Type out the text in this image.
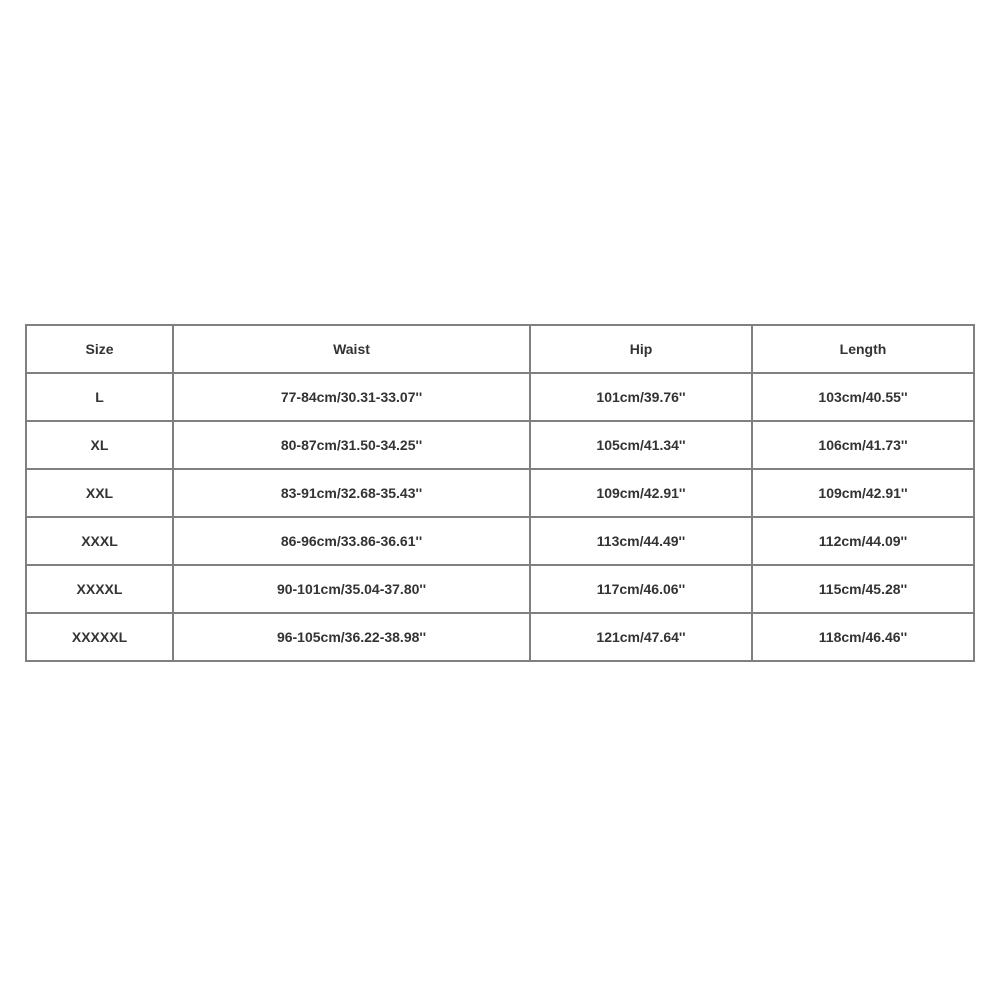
Size	Waist	Hip	Length
L	77-84cm/30.31-33.07''	101cm/39.76''	103cm/40.55''
XL	80-87cm/31.50-34.25''	105cm/41.34''	106cm/41.73''
XXL	83-91cm/32.68-35.43''	109cm/42.91''	109cm/42.91''
XXXL	86-96cm/33.86-36.61''	113cm/44.49''	112cm/44.09''
XXXXL	90-101cm/35.04-37.80''	117cm/46.06''	115cm/45.28''
XXXXXL	96-105cm/36.22-38.98''	121cm/47.64''	118cm/46.46''
